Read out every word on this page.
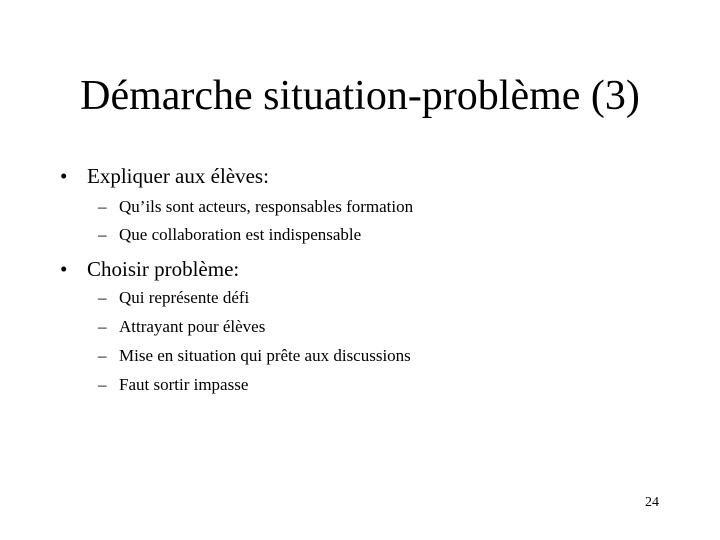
Démarche situation-problème (3)
• Expliquer aux élèves:
– Qu’ils sont acteurs, responsables formation
– Que collaboration est indispensable
• Choisir problème:
– Qui représente défi
– Attrayant pour élèves
– Mise en situation qui prête aux discussions
– Faut sortir impasse
24
